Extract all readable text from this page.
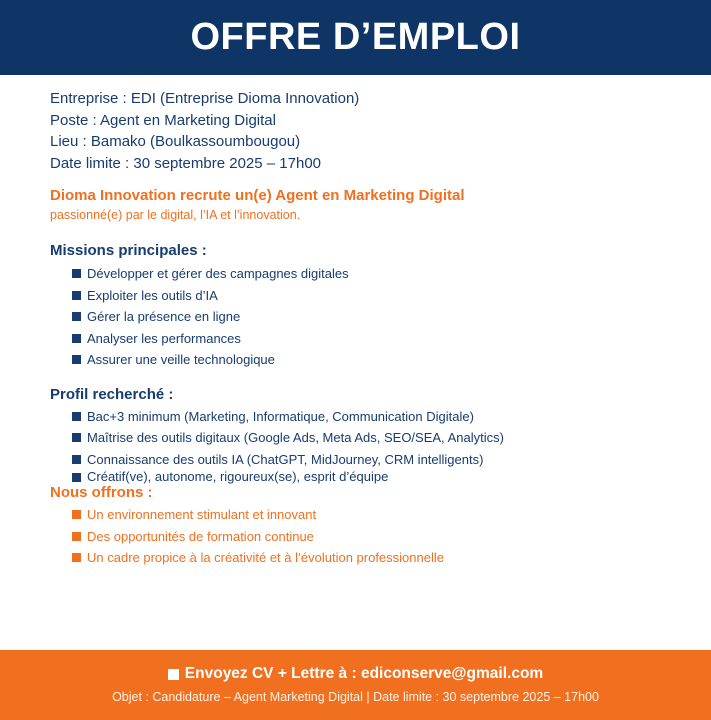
OFFRE D’EMPLOI
Entreprise : EDI (Entreprise Dioma Innovation)
Poste : Agent en Marketing Digital
Lieu : Bamako (Boulkassoumbougou)
Date limite : 30 septembre 2025 – 17h00
Dioma Innovation recrute un(e) Agent en Marketing Digital
passionné(e) par le digital, l’IA et l’innovation.
Missions principales :
Développer et gérer des campagnes digitales
Exploiter les outils d’IA
Gérer la présence en ligne
Analyser les performances
Assurer une veille technologique
Profil recherché :
Bac+3 minimum (Marketing, Informatique, Communication Digitale)
Maîtrise des outils digitaux (Google Ads, Meta Ads, SEO/SEA, Analytics)
Connaissance des outils IA (ChatGPT, MidJourney, CRM intelligents)
Créatif(ve), autonome, rigoureux(se), esprit d’équipe
Nous offrons :
Un environnement stimulant et innovant
Des opportunités de formation continue
Un cadre propice à la créativité et à l’évolution professionnelle
Envoyez CV + Lettre à : ediconserve@gmail.com
Objet : Candidature – Agent Marketing Digital | Date limite : 30 septembre 2025 – 17h00
